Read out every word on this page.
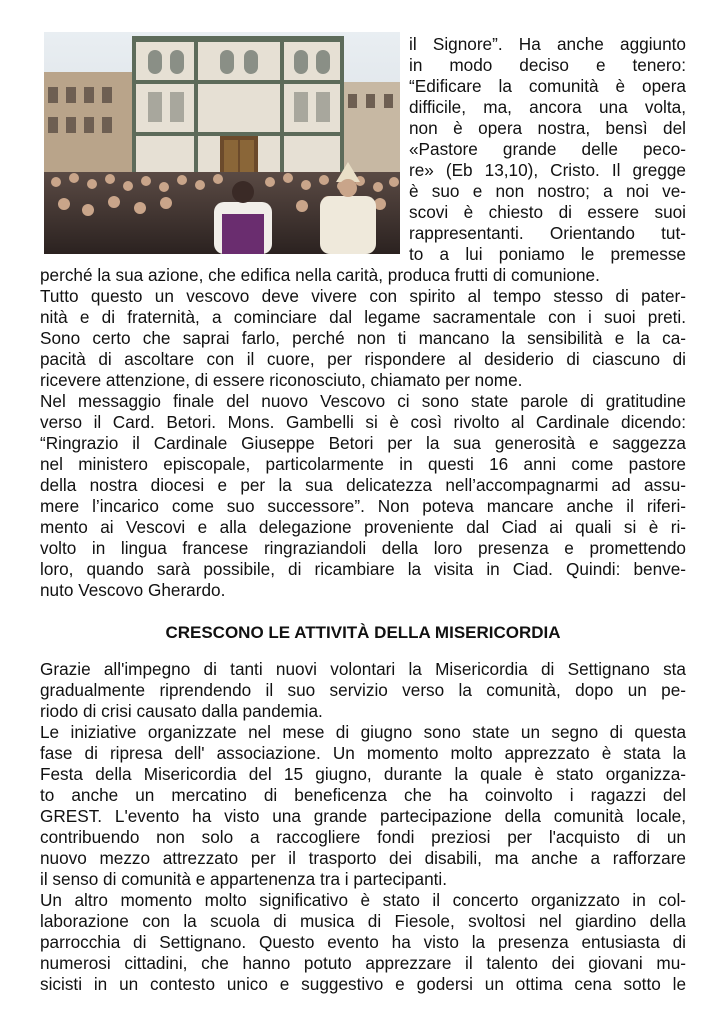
il Signore”. Ha anche aggiunto
in modo deciso e tenero:
“Edificare la comunità è opera
difficile, ma, ancora una volta,
non è opera nostra, bensì del
«Pastore grande delle peco-
re» (Eb 13,10), Cristo. Il gregge
è suo e non nostro; a noi ve-
scovi è chiesto di essere suoi
rappresentanti. Orientando tut-
to a lui poniamo le premesse
perché la sua azione, che edifica nella carità, produca frutti di comunione.
Tutto questo un vescovo deve vivere con spirito al tempo stesso di pater-
nità e di fraternità, a cominciare dal legame sacramentale con i suoi preti.
Sono certo che saprai farlo, perché non ti mancano la sensibilità e la ca-
pacità di ascoltare con il cuore, per rispondere al desiderio di ciascuno di
ricevere attenzione, di essere riconosciuto, chiamato per nome.
Nel messaggio finale del nuovo Vescovo ci sono state parole di gratitudine
verso il Card. Betori. Mons. Gambelli si è così rivolto al Cardinale dicendo:
“Ringrazio il Cardinale Giuseppe Betori per la sua generosità e saggezza
nel ministero episcopale, particolarmente in questi 16 anni come pastore
della nostra diocesi e per la sua delicatezza nell’accompagnarmi ad assu-
mere l’incarico come suo successore”. Non poteva mancare anche il riferi-
mento ai Vescovi e alla delegazione proveniente dal Ciad ai quali si è ri-
volto in lingua francese ringraziandoli della loro presenza e promettendo
loro, quando sarà possibile, di ricambiare la visita in Ciad. Quindi: benve-
nuto Vescovo Gherardo.
CRESCONO LE ATTIVITÀ DELLA MISERICORDIA
Grazie all'impegno di tanti nuovi volontari la Misericordia di Settignano sta
gradualmente riprendendo il suo servizio verso la comunità, dopo un pe-
riodo di crisi causato dalla pandemia.
Le iniziative organizzate nel mese di giugno sono state un segno di questa
fase di ripresa dell' associazione. Un momento molto apprezzato è stata la
Festa della Misericordia del 15 giugno, durante la quale è stato organizza-
to anche un mercatino di beneficenza che ha coinvolto i ragazzi del
GREST. L'evento ha visto una grande partecipazione della comunità locale,
contribuendo non solo a raccogliere fondi preziosi per l'acquisto di un
nuovo mezzo attrezzato per il trasporto dei disabili, ma anche a rafforzare
il senso di comunità e appartenenza tra i partecipanti.
Un altro momento molto significativo è stato il concerto organizzato in col-
laborazione con la scuola di musica di Fiesole, svoltosi nel giardino della
parrocchia di Settignano. Questo evento ha visto la presenza entusiasta di
numerosi cittadini, che hanno potuto apprezzare il talento dei giovani mu-
sicisti in un contesto unico e suggestivo e godersi un ottima cena sotto le
